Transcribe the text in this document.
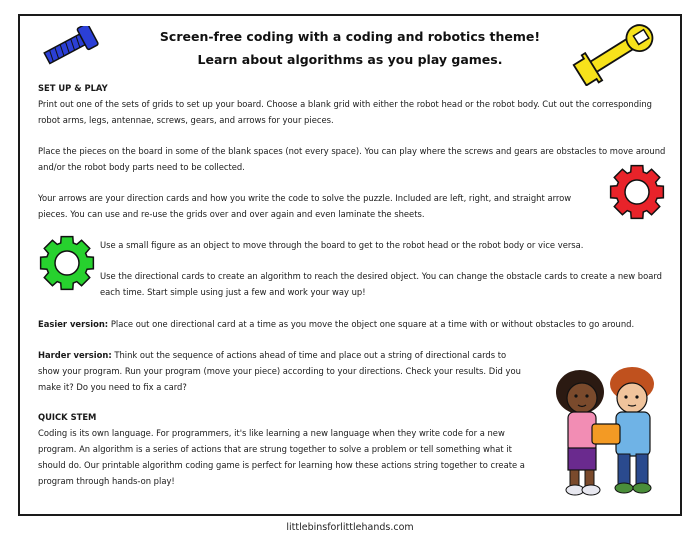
Screen-free coding with a coding and robotics theme!
Learn about algorithms as you play games.
SET UP & PLAY
Print out one of the sets of grids to set up your board. Choose a blank grid with either the robot head or the robot body. Cut out the corresponding robot arms, legs, antennae, screws, gears, and arrows for your pieces.
Place the pieces on the board in some of the blank spaces (not every space). You can play where the screws and gears are obstacles to move around and/or the robot body parts need to be collected.
Your arrows are your direction cards and how you write the code to solve the puzzle. Included are left, right, and straight arrow pieces. You can use and re-use the grids over and over again and even laminate the sheets.
Use a small figure as an object to move through the board to get to the robot head or the robot body or vice versa.
Use the directional cards to create an algorithm to reach the desired object. You can change the obstacle cards to create a new board each time. Start simple using just a few and work your way up!
Easier version: Place out one directional card at a time as you move the object one square at a time with or without obstacles to go around.
Harder version: Think out the sequence of actions ahead of time and place out a string of directional cards to show your program. Run your program (move your piece) according to your directions. Check your results. Did you make it? Do you need to fix a card?
QUICK STEM
Coding is its own language. For programmers, it's like learning a new language when they write code for a new program. An algorithm is a series of actions that are strung together to solve a problem or tell something what it should do. Our printable algorithm coding game is perfect for learning how these actions string together to create a program through hands-on play!
littlebinsforlittlehands.com
